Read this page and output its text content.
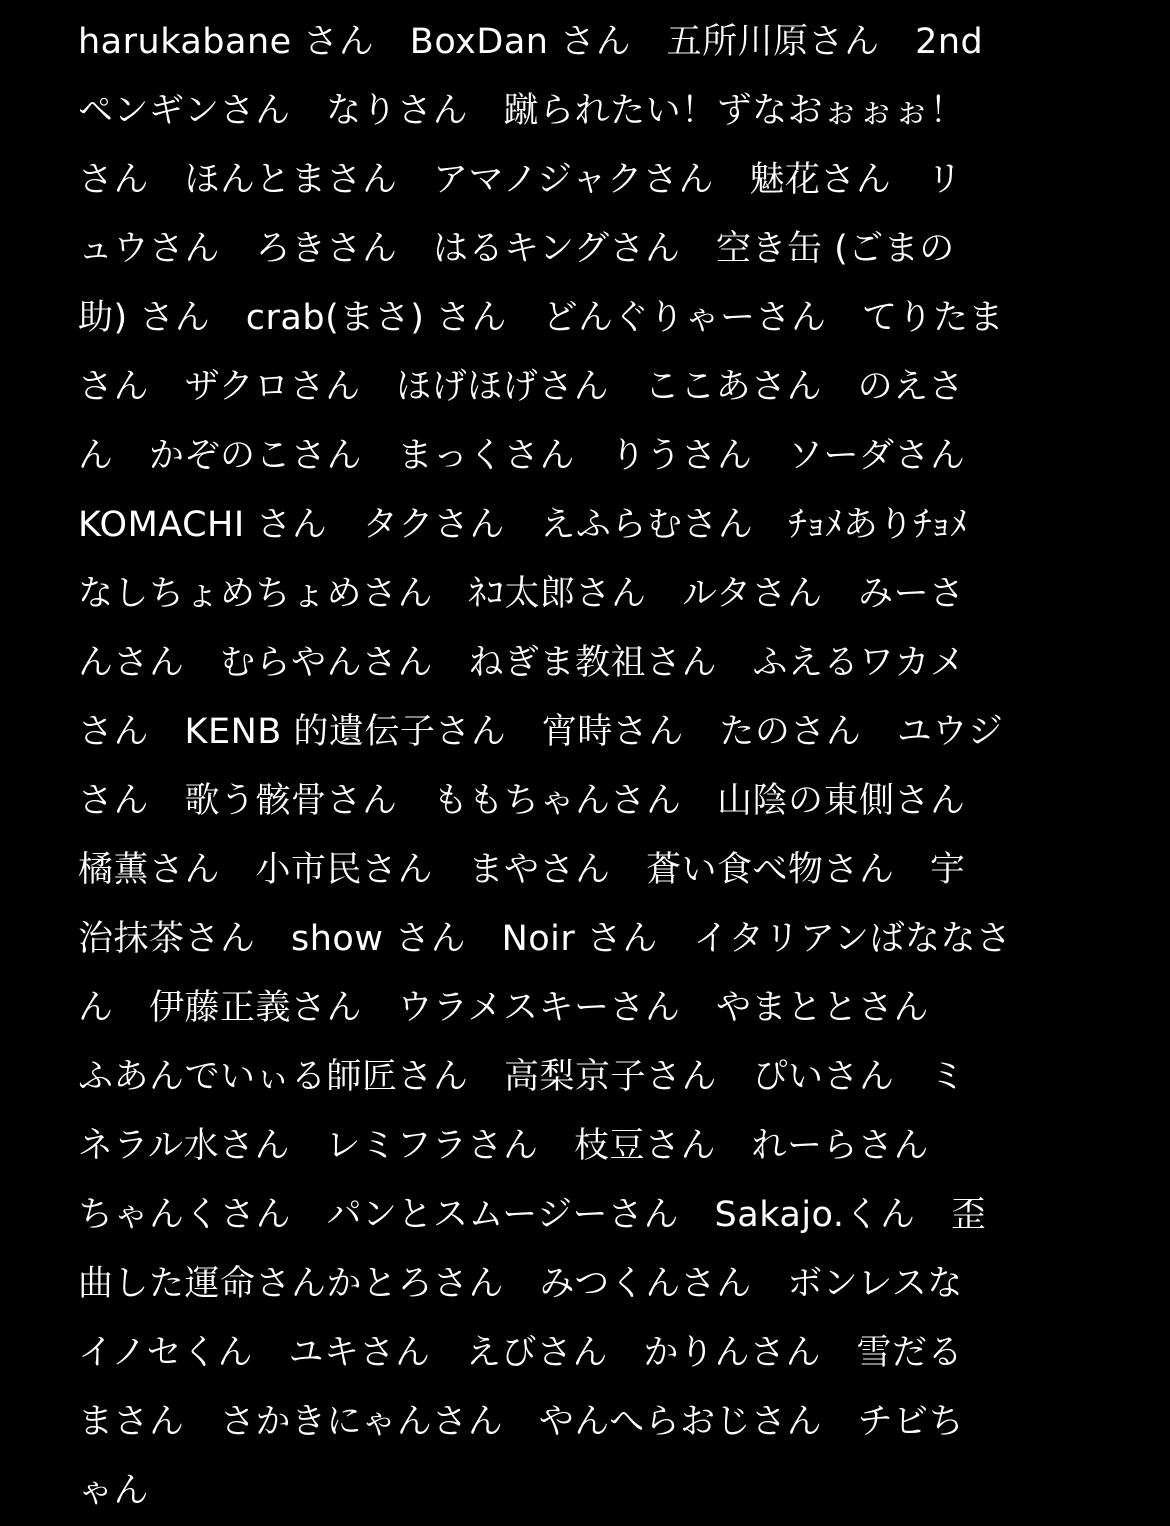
harukabane さん　BoxDan さん　五所川原さん　2nd
ペンギンさん　なりさん　蹴られたい！ずなおぉぉぉ！
さん　ほんとまさん　アマノジャクさん　魅花さん　リ
ュウさん　ろきさん　はるキングさん　空き缶 (ごまの
助) さん　crab(まさ) さん　どんぐりゃーさん　てりたま
さん　ザクロさん　ほげほげさん　ここあさん　のえさ
ん　かぞのこさん　まっくさん　りうさん　ソーダさん
KOMACHI さん　タクさん　えふらむさん　ﾁｮﾒありﾁｮﾒ
なしちょめちょめさん　ﾈｺ太郎さん　ルタさん　みーさ
んさん　むらやんさん　ねぎま教祖さん　ふえるワカメ
さん　KENB 的遺伝子さん　宵時さん　たのさん　ユウジ
さん　歌う骸骨さん　ももちゃんさん　山陰の東側さん
橘薫さん　小市民さん　まやさん　蒼い食べ物さん　宇
治抹茶さん　show さん　Noir さん　イタリアンばななさ
ん　伊藤正義さん　ウラメスキーさん　やまととさん
ふあんでいぃる師匠さん　高梨京子さん　ぴいさん　ミ
ネラル水さん　レミフラさん　枝豆さん　れーらさん
ちゃんくさん　パンとスムージーさん　Sakajo.くん　歪
曲した運命さんかとろさん　みつくんさん　ボンレスな
イノセくん　ユキさん　えびさん　かりんさん　雪だる
まさん　さかきにゃんさん　やんへらおじさん　チビち
ゃん
